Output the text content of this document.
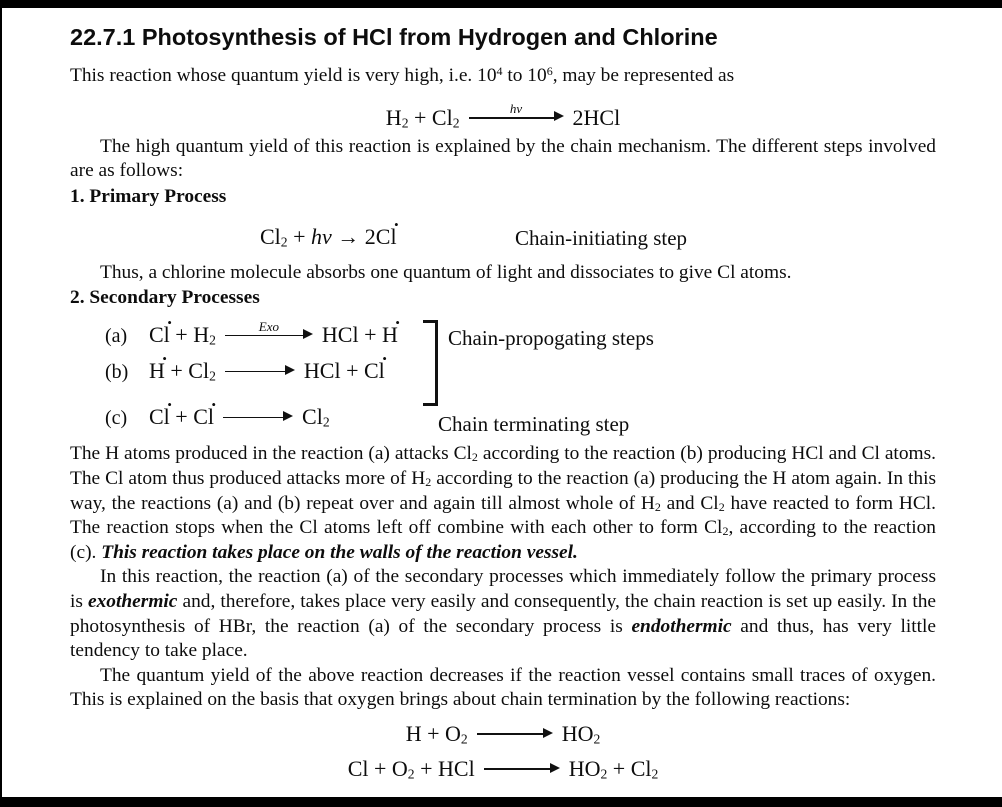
22.7.1 Photosynthesis of HCl from Hydrogen and Chlorine

This reaction whose quantum yield is very high, i.e. $10^4$ to $10^6$, may be represented as

$H_2 + Cl_2$
hν 2HCl

The high quantum yield of this reaction is explained by the chain mechanism. The different steps involved are as follows:

1. Primary Process

$Cl_2 + h\nu \to 2Cl$ •	Chain-initiating step

Thus, a chlorine molecule absorbs one quantum of light and dissociates to give Cl atoms.

2. Secondary Processes

(a) Cl • + $H_2$
Exo HCl + H •
(b) H • + $Cl_2$	HCl + Cl •
(c) Cl • + Cl •	$Cl_2$
Chain-propogating steps
Chain terminating step

The H atoms produced in the reaction (a) attacks $Cl_2$ according to the reaction (b) producing HCl and Cl atoms. The Cl atom thus produced attacks more of $H_2$ according to the reaction (a) producing the H atom again. In this way, the reactions (a) and (b) repeat over and again till almost whole of $H_2$ and $Cl_2$ have reacted to form HCl. The reaction stops when the Cl atoms left off combine with each other to form $Cl_2$, according to the reaction (c). This reaction takes place on the walls of the reaction vessel.

In this reaction, the reaction (a) of the secondary processes which immediately follow the primary process is exothermic and, therefore, takes place very easily and consequently, the chain reaction is set up easily. In the photosynthesis of HBr, the reaction (a) of the secondary process is endothermic and thus, has very little tendency to take place.

The quantum yield of the above reaction decreases if the reaction vessel contains small traces of oxygen. This is explained on the basis that oxygen brings about chain termination by the following reactions:

$H + O_2$	$HO_2$
$Cl + O_2$ + HCl	$HO_2 + Cl_2$
